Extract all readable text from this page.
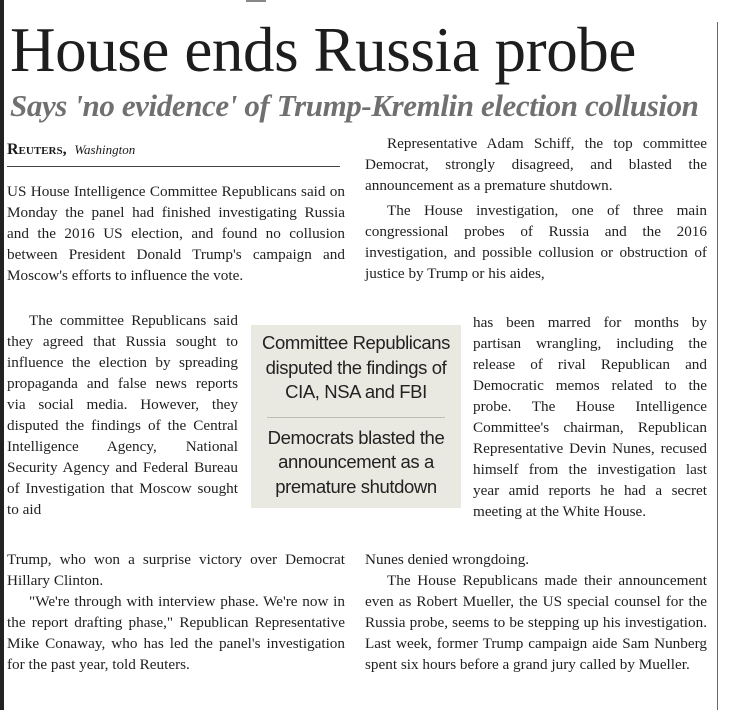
House ends Russia probe
Says 'no evidence' of Trump-Kremlin election collusion
Reuters, Washington

US House Intelligence Committee Republicans said on Monday the panel had finished investigating Russia and the 2016 US election, and found no collusion between President Donald Trump's campaign and Moscow's efforts to influence the vote.

The committee Republicans said they agreed that Russia sought to influence the election by spreading propaganda and false news reports via social media. However, they disputed the findings of the Central Intelligence Agency, National Security Agency and Federal Bureau of Investigation that Moscow sought to aid

Trump, who won a surprise victory over Democrat Hillary Clinton.
"We're through with interview phase. We're now in the report drafting phase," Republican Representative Mike Conaway, who has led the panel's investigation for the past year, told Reuters.

Committee Republicans disputed the findings of CIA, NSA and FBI
Democrats blasted the announcement as a premature shutdown

Representative Adam Schiff, the top committee Democrat, strongly disagreed, and blasted the announcement as a premature shutdown.

The House investigation, one of three main congressional probes of Russia and the 2016 investigation, and possible collusion or obstruction of justice by Trump or his aides,

has been marred for months by partisan wrangling, including the release of rival Republican and Democratic memos related to the probe. The House Intelligence Committee's chairman, Republican Representative Devin Nunes, recused himself from the investigation last year amid reports he had a secret meeting at the White House.

Nunes denied wrongdoing.

The House Republicans made their announcement even as Robert Mueller, the US special counsel for the Russia probe, seems to be stepping up his investigation. Last week, former Trump campaign aide Sam Nunberg spent six hours before a grand jury called by Mueller.
